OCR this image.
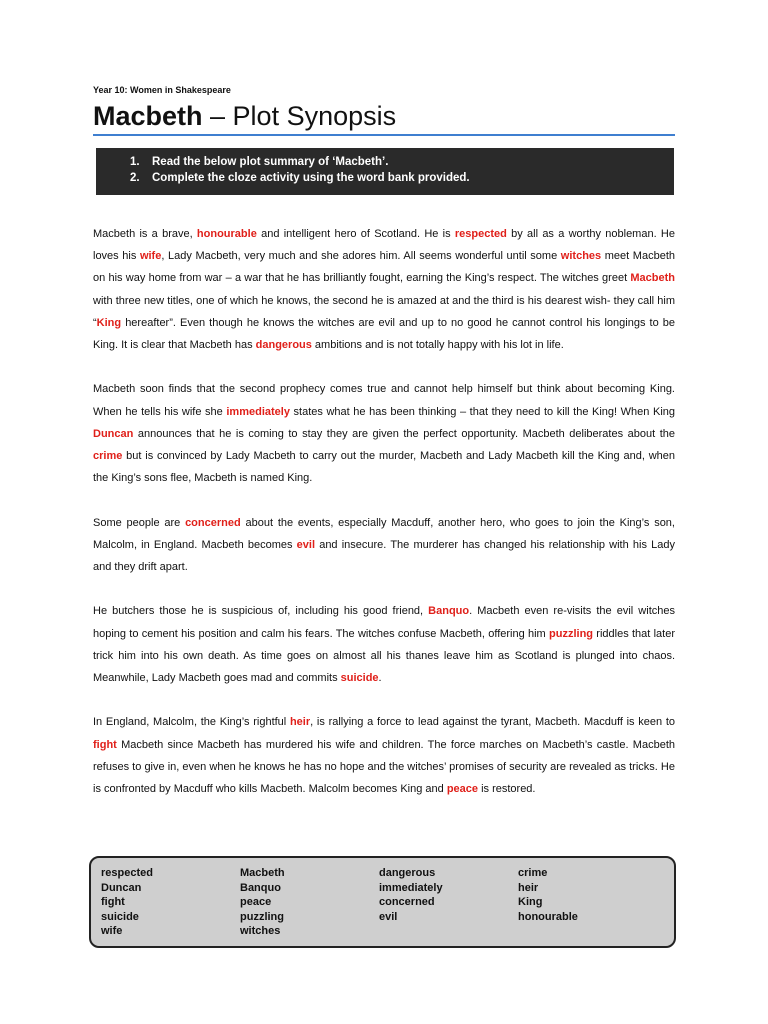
Year 10: Women in Shakespeare

Macbeth – Plot Synopsis
1.	Read the below plot summary of ‘Macbeth’.
2.	Complete the cloze activity using the word bank provided.

Macbeth is a brave, honourable and intelligent hero of Scotland. He is respected by all as a worthy nobleman. He loves his wife, Lady Macbeth, very much and she adores him. All seems wonderful until some witches meet Macbeth on his way home from war – a war that he has brilliantly fought, earning the King’s respect. The witches greet Macbeth with three new titles, one of which he knows, the second he is amazed at and the third is his dearest wish- they call him “King hereafter”. Even though he knows the witches are evil and up to no good he cannot control his longings to be King. It is clear that Macbeth has dangerous ambitions and is not totally happy with his lot in life.

Macbeth soon finds that the second prophecy comes true and cannot help himself but think about becoming King. When he tells his wife she immediately states what he has been thinking – that they need to kill the King! When King Duncan announces that he is coming to stay they are given the perfect opportunity. Macbeth deliberates about the crime but is convinced by Lady Macbeth to carry out the murder, Macbeth and Lady Macbeth kill the King and, when the King’s sons flee, Macbeth is named King.

Some people are concerned about the events, especially Macduff, another hero, who goes to join the King’s son, Malcolm, in England. Macbeth becomes evil and insecure. The murderer has changed his relationship with his Lady and they drift apart.

He butchers those he is suspicious of, including his good friend, Banquo. Macbeth even re-visits the evil witches hoping to cement his position and calm his fears. The witches confuse Macbeth, offering him puzzling riddles that later trick him into his own death. As time goes on almost all his thanes leave him as Scotland is plunged into chaos. Meanwhile, Lady Macbeth goes mad and commits suicide.

In England, Malcolm, the King’s rightful heir, is rallying a force to lead against the tyrant, Macbeth. Macduff is keen to fight Macbeth since Macbeth has murdered his wife and children. The force marches on Macbeth’s castle. Macbeth refuses to give in, even when he knows he has no hope and the witches’ promises of security are revealed as tricks. He is confronted by Macduff who kills Macbeth. Malcolm becomes King and peace is restored.

respected
Duncan
fight
suicide
wife
Macbeth
Banquo
peace
puzzling
witches
dangerous
immediately
concerned
evil
crime
heir
King
honourable
